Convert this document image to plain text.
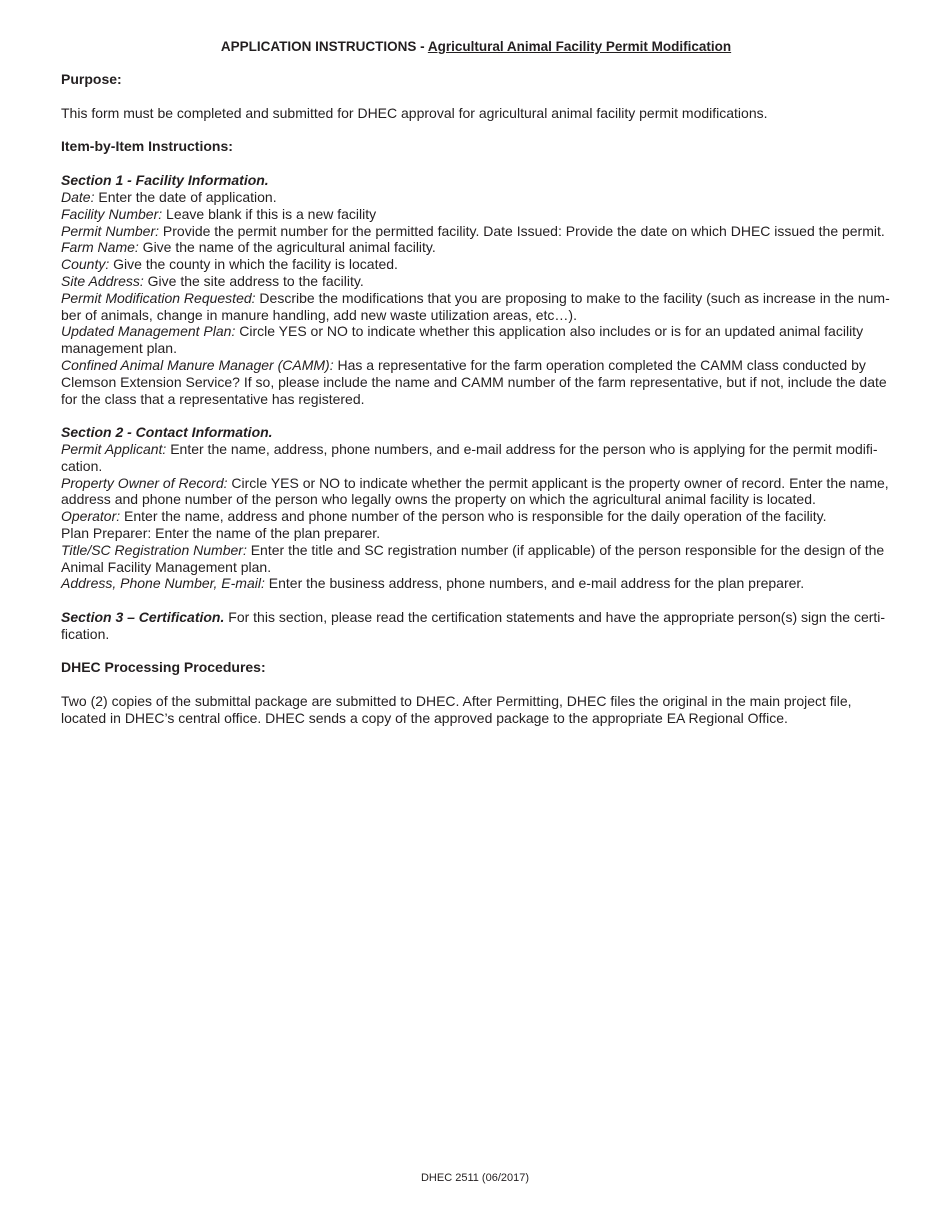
APPLICATION INSTRUCTIONS - Agricultural Animal Facility Permit Modification
Purpose:
This form must be completed and submitted for DHEC approval for agricultural animal facility permit modifications.
Item-by-Item Instructions:
Section 1 - Facility Information.
Date: Enter the date of application.
Facility Number: Leave blank if this is a new facility
Permit Number: Provide the permit number for the permitted facility. Date Issued: Provide the date on which DHEC issued the permit.
Farm Name: Give the name of the agricultural animal facility.
County: Give the county in which the facility is located.
Site Address: Give the site address to the facility.
Permit Modification Requested: Describe the modifications that you are proposing to make to the facility (such as increase in the num-ber of animals, change in manure handling, add new waste utilization areas, etc…).
Updated Management Plan: Circle YES or NO to indicate whether this application also includes or is for an updated animal facility management plan.
Confined Animal Manure Manager (CAMM): Has a representative for the farm operation completed the CAMM class conducted by Clemson Extension Service? If so, please include the name and CAMM number of the farm representative, but if not, include the date for the class that a representative has registered.
Section 2 - Contact Information.
Permit Applicant: Enter the name, address, phone numbers, and e-mail address for the person who is applying for the permit modifi-cation.
Property Owner of Record: Circle YES or NO to indicate whether the permit applicant is the property owner of record. Enter the name, address and phone number of the person who legally owns the property on which the agricultural animal facility is located.
Operator: Enter the name, address and phone number of the person who is responsible for the daily operation of the facility.
Plan Preparer: Enter the name of the plan preparer.
Title/SC Registration Number: Enter the title and SC registration number (if applicable) of the person responsible for the design of the Animal Facility Management plan.
Address, Phone Number, E-mail: Enter the business address, phone numbers, and e-mail address for the plan preparer.
Section 3 – Certification. For this section, please read the certification statements and have the appropriate person(s) sign the certi-fication.
DHEC Processing Procedures:
Two (2) copies of the submittal package are submitted to DHEC. After Permitting, DHEC files the original in the main project file, located in DHEC’s central office. DHEC sends a copy of the approved package to the appropriate EA Regional Office.
DHEC 2511 (06/2017)
